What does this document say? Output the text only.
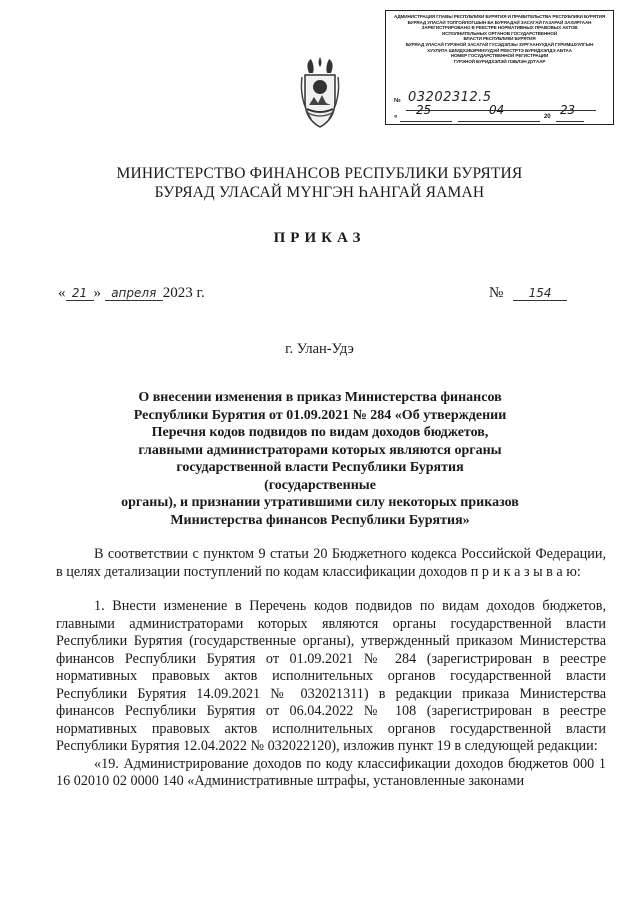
АДМИНИСТРАЦИЯ ГЛАВЫ РЕСПУБЛИКИ БУРЯТИЯ И ПРАВИТЕЛЬСТВА РЕСПУБЛИКИ БУРЯТИЯ
БУРЯАД УЛАСАЙ ТОЛГОЙЛОГШЫН БА БУРЯАДАЙ ЗАСАГАЙ ГАЗАРАЙ ЗАХИРГААН
ЗАРЕГИСТРИРОВАНО В РЕЕСТРЕ НОРМАТИВНЫХ ПРАВОВЫХ АКТОВ
ИСПОЛНИТЕЛЬНЫХ ОРГАНОВ ГОСУДАРСТВЕННОЙ
ВЛАСТИ РЕСПУБЛИКИ БУРЯТИЯ
БУРЯАД УЛАСАЙ ГУРЭНОЙ ЗАСАГАЙ ГУСЭДЭЛЭЫ ЗУРГААНУУДАЙ ГУРИМШУУЛГЫН
ХУУЛИТА ШИИДХЭБЭРИНУУДЭЙ РЕЕСТРТЭ БУРИДХЭЛДЭ АБТАА
НОМЕР ГОСУДАРСТВЕННОЙ РЕГИСТРАЦИИ
ГУРЭНОЙ БУРИДХЭЛЭЙ ЛЭБЛЭН ДУГААР
№ 03202312.5
« 25	04	20 23
МИНИСТЕРСТВО ФИНАНСОВ РЕСПУБЛИКИ БУРЯТИЯ
БУРЯАД УЛАСАЙ МҮНГЭН ҺАНГАЙ ЯАМАН
ПРИКАЗ
« 21 » апреля 2023 г.	№ 154
г. Улан-Удэ
О внесении изменения в приказ Министерства финансов
Республики Бурятия от 01.09.2021 № 284 «Об утверждении
Перечня кодов подвидов по видам доходов бюджетов,
главными администраторами которых являются органы
государственной власти Республики Бурятия (государственные
органы), и признании утратившими силу некоторых приказов
Министерства финансов Республики Бурятия»

В соответствии с пунктом 9 статьи 20 Бюджетного кодекса Российской Федерации, в целях детализации поступлений по кодам классификации доходов п р и к а з ы в а ю:

1. Внести изменение в Перечень кодов подвидов по видам доходов бюджетов, главными администраторами которых являются органы государственной власти Республики Бурятия (государственные органы), утвержденный приказом Министерства финансов Республики Бурятия от 01.09.2021 № 284 (зарегистрирован в реестре нормативных правовых актов исполнительных органов государственной власти Республики Бурятия 14.09.2021 № 032021311) в редакции приказа Министерства финансов Республики Бурятия от 06.04.2022 № 108 (зарегистрирован в реестре нормативных правовых актов исполнительных органов государственной власти Республики Бурятия 12.04.2022 № 032022120), изложив пункт 19 в следующей редакции:

«19. Администрирование доходов по коду классификации доходов бюджетов 000 1 16 02010 02 0000 140 «Административные штрафы, установленные законами
